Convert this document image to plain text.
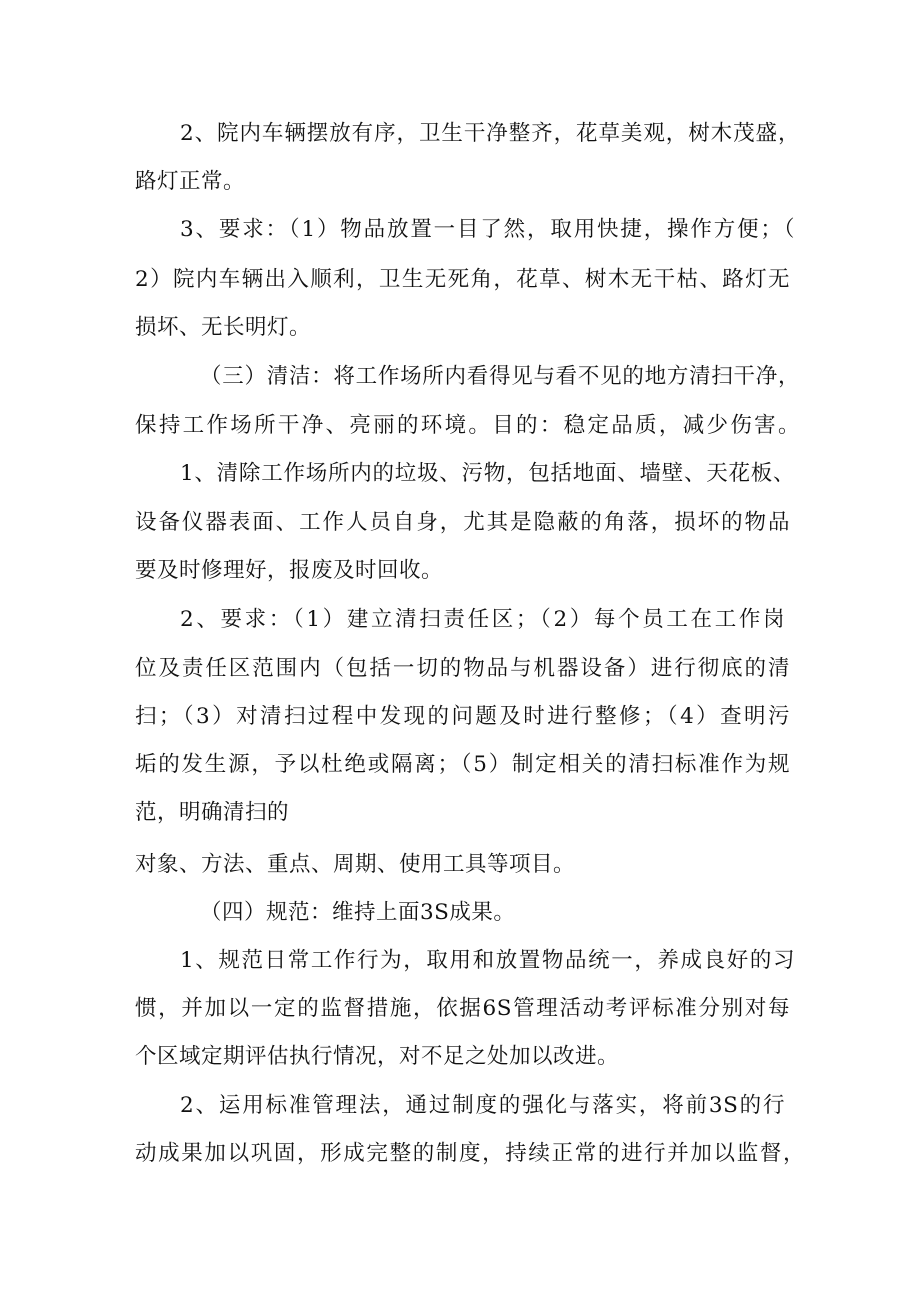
2、院内车辆摆放有序，卫生干净整齐，花草美观，树木茂盛，
路灯正常。
3、要求：（1）物品放置一目了然，取用快捷，操作方便；（
2）院内车辆出入顺利，卫生无死角，花草、树木无干枯、路灯无
损坏、无长明灯。
（三）清洁：将工作场所内看得见与看不见的地方清扫干净，
保持工作场所干净、亮丽的环境。目的：稳定品质，减少伤害。
1、清除工作场所内的垃圾、污物，包括地面、墙壁、天花板、
设备仪器表面、工作人员自身，尤其是隐蔽的角落，损坏的物品
要及时修理好，报废及时回收。
2、要求：（1）建立清扫责任区；（2）每个员工在工作岗
位及责任区范围内（包括一切的物品与机器设备）进行彻底的清
扫；（3）对清扫过程中发现的问题及时进行整修；（4）查明污
垢的发生源，予以杜绝或隔离；（5）制定相关的清扫标准作为规
范，明确清扫的
对象、方法、重点、周期、使用工具等项目。
（四）规范：维持上面3S成果。
1、规范日常工作行为，取用和放置物品统一，养成良好的习
惯，并加以一定的监督措施，依据6S管理活动考评标准分别对每
个区域定期评估执行情况，对不足之处加以改进。
2、运用标准管理法，通过制度的强化与落实，将前3S的行
动成果加以巩固，形成完整的制度，持续正常的进行并加以监督，
